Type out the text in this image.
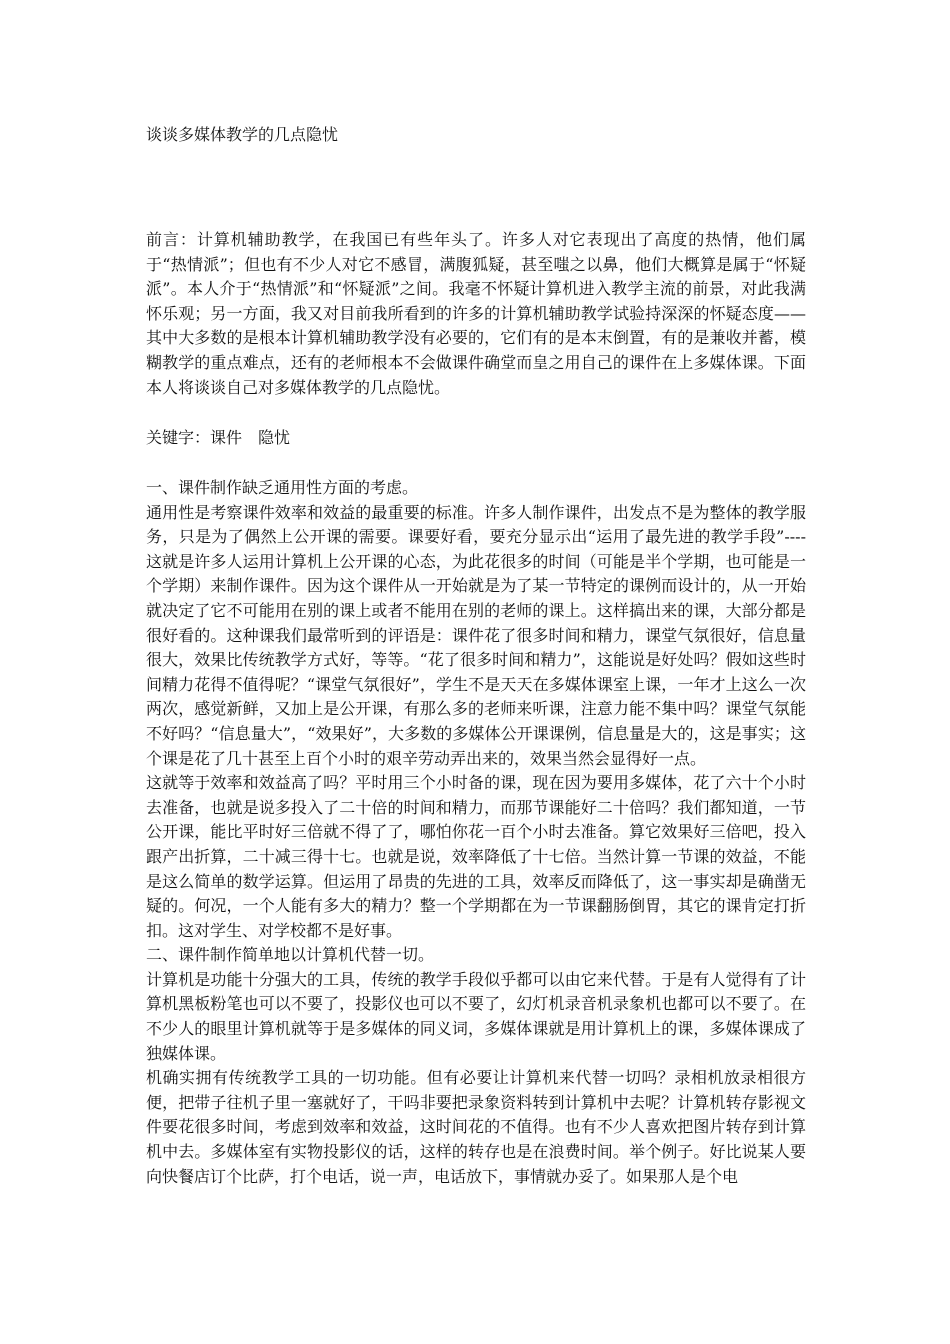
谈谈多媒体教学的几点隐忧

前言：计算机辅助教学，在我国已有些年头了。许多人对它表现出了高度的热情，他们属于“热情派”；但也有不少人对它不感冒，满腹狐疑，甚至嗤之以鼻，他们大概算是属于“怀疑派”。本人介于“热情派”和“怀疑派”之间。我毫不怀疑计算机进入教学主流的前景，对此我满怀乐观；另一方面，我又对目前我所看到的许多的计算机辅助教学试验持深深的怀疑态度——其中大多数的是根本计算机辅助教学没有必要的，它们有的是本末倒置，有的是兼收并蓄，模糊教学的重点难点，还有的老师根本不会做课件确堂而皇之用自己的课件在上多媒体课。下面本人将谈谈自己对多媒体教学的几点隐忧。

关键字：课件　隐忧

一、课件制作缺乏通用性方面的考虑。

通用性是考察课件效率和效益的最重要的标准。许多人制作课件，出发点不是为整体的教学服务，只是为了偶然上公开课的需要。课要好看，要充分显示出“运用了最先进的教学手段”----这就是许多人运用计算机上公开课的心态，为此花很多的时间（可能是半个学期，也可能是一个学期）来制作课件。因为这个课件从一开始就是为了某一节特定的课例而设计的，从一开始就决定了它不可能用在别的课上或者不能用在别的老师的课上。这样搞出来的课，大部分都是很好看的。这种课我们最常听到的评语是：课件花了很多时间和精力，课堂气氛很好，信息量很大，效果比传统教学方式好，等等。“花了很多时间和精力”，这能说是好处吗？假如这些时间精力花得不值得呢？“课堂气氛很好”，学生不是天天在多媒体课室上课，一年才上这么一次两次，感觉新鲜，又加上是公开课，有那么多的老师来听课，注意力能不集中吗？课堂气氛能不好吗？“信息量大”，“效果好”，大多数的多媒体公开课课例，信息量是大的，这是事实；这个课是花了几十甚至上百个小时的艰辛劳动弄出来的，效果当然会显得好一点。

这就等于效率和效益高了吗？平时用三个小时备的课，现在因为要用多媒体，花了六十个小时去准备，也就是说多投入了二十倍的时间和精力，而那节课能好二十倍吗？我们都知道，一节公开课，能比平时好三倍就不得了了，哪怕你花一百个小时去准备。算它效果好三倍吧，投入跟产出折算，二十减三得十七。也就是说，效率降低了十七倍。当然计算一节课的效益，不能是这么简单的数学运算。但运用了昂贵的先进的工具，效率反而降低了，这一事实却是确凿无疑的。何况，一个人能有多大的精力？整一个学期都在为一节课翻肠倒胃，其它的课肯定打折扣。这对学生、对学校都不是好事。

二、课件制作简单地以计算机代替一切。

计算机是功能十分强大的工具，传统的教学手段似乎都可以由它来代替。于是有人觉得有了计算机黑板粉笔也可以不要了，投影仪也可以不要了，幻灯机录音机录象机也都可以不要了。在不少人的眼里计算机就等于是多媒体的同义词，多媒体课就是用计算机上的课，多媒体课成了独媒体课。

机确实拥有传统教学工具的一切功能。但有必要让计算机来代替一切吗？录相机放录相很方便，把带子往机子里一塞就好了，干吗非要把录象资料转到计算机中去呢？计算机转存影视文件要花很多时间，考虑到效率和效益，这时间花的不值得。也有不少人喜欢把图片转存到计算机中去。多媒体室有实物投影仪的话，这样的转存也是在浪费时间。举个例子。好比说某人要向快餐店订个比萨，打个电话，说一声，电话放下，事情就办妥了。如果那人是个电
